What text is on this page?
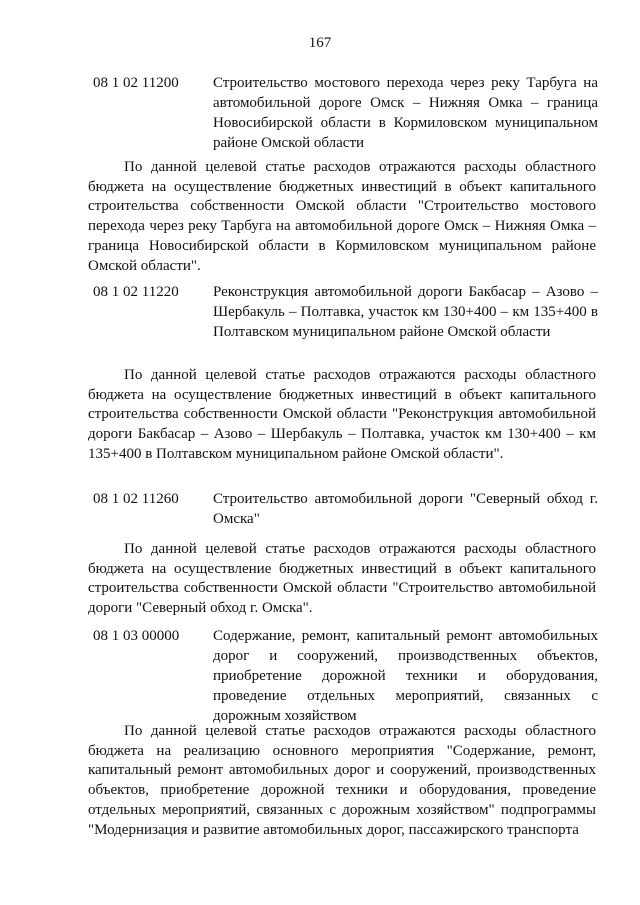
167
08 1 02 11200	Строительство мостового перехода через реку Тарбуга на автомобильной дороге Омск – Нижняя Омка – граница Новосибирской области в Кормиловском муниципальном районе Омской области

По данной целевой статье расходов отражаются расходы областного бюджета на осуществление бюджетных инвестиций в объект капитального строительства собственности Омской области "Строительство мостового перехода через реку Тарбуга на автомобильной дороге Омск – Нижняя Омка – граница Новосибирской области в Кормиловском муниципальном районе Омской области".

08 1 02 11220	Реконструкция автомобильной дороги Бакбасар – Азово – Шербакуль – Полтавка, участок км 130+400 – км 135+400 в Полтавском муниципальном районе Омской области

По данной целевой статье расходов отражаются расходы областного бюджета на осуществление бюджетных инвестиций в объект капитального строительства собственности Омской области "Реконструкция автомобильной дороги Бакбасар – Азово – Шербакуль – Полтавка, участок км 130+400 – км 135+400 в Полтавском муниципальном районе Омской области".

08 1 02 11260	Строительство автомобильной дороги "Северный обход г. Омска"

По данной целевой статье расходов отражаются расходы областного бюджета на осуществление бюджетных инвестиций в объект капитального строительства собственности Омской области "Строительство автомобильной дороги "Северный обход г. Омска".

08 1 03 00000	Содержание, ремонт, капитальный ремонт автомобильных дорог и сооружений, производственных объектов, приобретение дорожной техники и оборудования, проведение отдельных мероприятий, связанных с дорожным хозяйством

По данной целевой статье расходов отражаются расходы областного бюджета на реализацию основного мероприятия "Содержание, ремонт, капитальный ремонт автомобильных дорог и сооружений, производственных объектов, приобретение дорожной техники и оборудования, проведение отдельных мероприятий, связанных с дорожным хозяйством" подпрограммы "Модернизация и развитие автомобильных дорог, пассажирского транспорта
